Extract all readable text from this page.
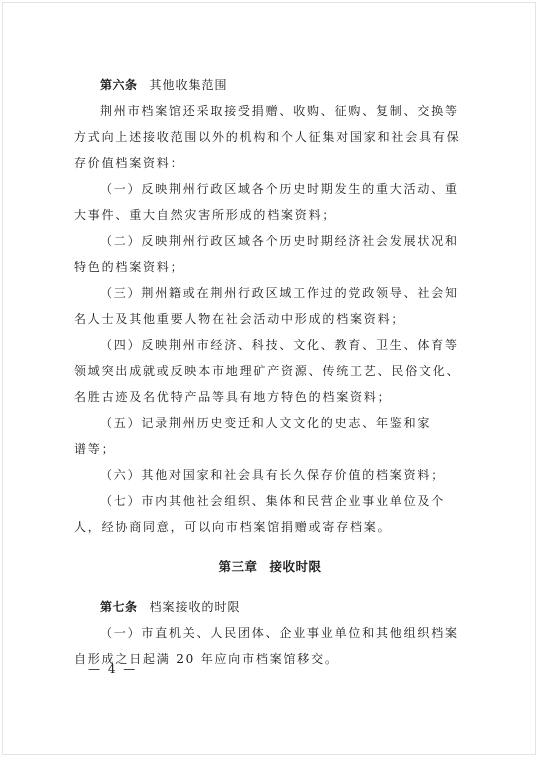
第六条 其他收集范围
荆州市档案馆还采取接受捐赠、收购、征购、复制、交换等
方式向上述接收范围以外的机构和个人征集对国家和社会具有保
存价值档案资料：
（一）反映荆州行政区域各个历史时期发生的重大活动、重
大事件、重大自然灾害所形成的档案资料；
（二）反映荆州行政区域各个历史时期经济社会发展状况和
特色的档案资料；
（三）荆州籍或在荆州行政区域工作过的党政领导、社会知
名人士及其他重要人物在社会活动中形成的档案资料；
（四）反映荆州市经济、科技、文化、教育、卫生、体育等
领域突出成就或反映本市地理矿产资源、传统工艺、民俗文化、
名胜古迹及名优特产品等具有地方特色的档案资料；
（五）记录荆州历史变迁和人文文化的史志、年鉴和家
谱等；
（六）其他对国家和社会具有长久保存价值的档案资料；
（七）市内其他社会组织、集体和民营企业事业单位及个
人，经协商同意，可以向市档案馆捐赠或寄存档案。
第三章 接收时限
第七条 档案接收的时限
（一）市直机关、人民团体、企业事业单位和其他组织档案
自形成之日起满 20 年应向市档案馆移交。
— 4 —
